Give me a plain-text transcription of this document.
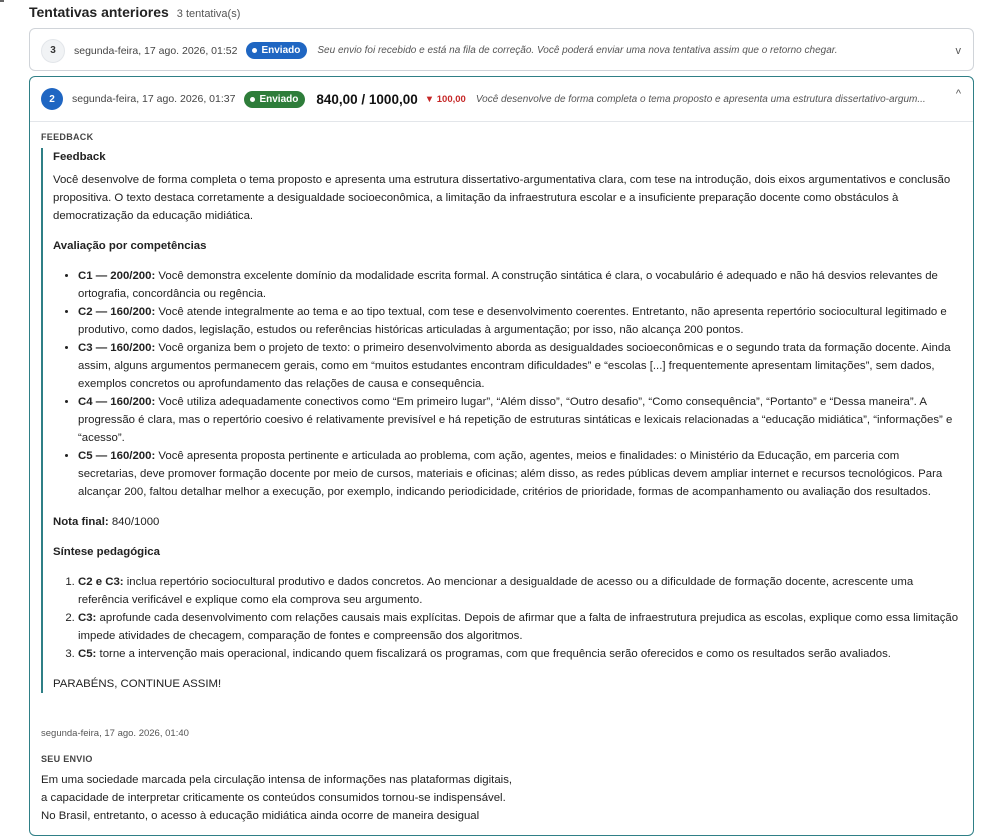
Tentativas anteriores 3 tentativa(s)
3	segunda-feira, 17 ago. 2026, 01:52 Enviado Seu envio foi recebido e está na fila de correção. Você poderá enviar uma nova tentativa assim que o retorno chegar.	v
2	segunda-feira, 17 ago. 2026, 01:37 Enviado 840,00 / 1000,00 ▼ 100,00 Você desenvolve de forma completa o tema proposto e apresenta uma estrutura dissertativo-argum...	^
FEEDBACK

Feedback

Você desenvolve de forma completa o tema proposto e apresenta uma estrutura dissertativo-argumentativa clara, com tese na introdução, dois eixos argumentativos e conclusão propositiva. O texto destaca corretamente a desigualdade socioeconômica, a limitação da infraestrutura escolar e a insuficiente preparação docente como obstáculos à democratização da educação midiática.

Avaliação por competências

• C1 — 200/200: Você demonstra excelente domínio da modalidade escrita formal. A construção sintática é clara, o vocabulário é adequado e não há desvios relevantes de ortografia, concordância ou regência.
• C2 — 160/200: Você atende integralmente ao tema e ao tipo textual, com tese e desenvolvimento coerentes. Entretanto, não apresenta repertório sociocultural legitimado e produtivo, como dados, legislação, estudos ou referências históricas articuladas à argumentação; por isso, não alcança 200 pontos.
• C3 — 160/200: Você organiza bem o projeto de texto: o primeiro desenvolvimento aborda as desigualdades socioeconômicas e o segundo trata da formação docente. Ainda assim, alguns argumentos permanecem gerais, como em “muitos estudantes encontram dificuldades” e “escolas [...] frequentemente apresentam limitações”, sem dados, exemplos concretos ou aprofundamento das relações de causa e consequência.
• C4 — 160/200: Você utiliza adequadamente conectivos como “Em primeiro lugar”, “Além disso”, “Outro desafio”, “Como consequência”, “Portanto” e “Dessa maneira”. A progressão é clara, mas o repertório coesivo é relativamente previsível e há repetição de estruturas sintáticas e lexicais relacionadas a “educação midiática”, “informações” e “acesso”.
• C5 — 160/200: Você apresenta proposta pertinente e articulada ao problema, com ação, agentes, meios e finalidades: o Ministério da Educação, em parceria com secretarias, deve promover formação docente por meio de cursos, materiais e oficinas; além disso, as redes públicas devem ampliar internet e recursos tecnológicos. Para alcançar 200, faltou detalhar melhor a execução, por exemplo, indicando periodicidade, critérios de prioridade, formas de acompanhamento ou avaliação dos resultados.

Nota final: 840/1000

Síntese pedagógica

1. C2 e C3: inclua repertório sociocultural produtivo e dados concretos. Ao mencionar a desigualdade de acesso ou a dificuldade de formação docente, acrescente uma referência verificável e explique como ela comprova seu argumento.
2. C3: aprofunde cada desenvolvimento com relações causais mais explícitas. Depois de afirmar que a falta de infraestrutura prejudica as escolas, explique como essa limitação impede atividades de checagem, comparação de fontes e compreensão dos algoritmos.
3. C5: torne a intervenção mais operacional, indicando quem fiscalizará os programas, com que frequência serão oferecidos e como os resultados serão avaliados.

PARABÉNS, CONTINUE ASSIM!

segunda-feira, 17 ago. 2026, 01:40
SEU ENVIO
Em uma sociedade marcada pela circulação intensa de informações nas plataformas digitais,
a capacidade de interpretar criticamente os conteúdos consumidos tornou-se indispensável.
No Brasil, entretanto, o acesso à educação midiática ainda ocorre de maneira desigual
